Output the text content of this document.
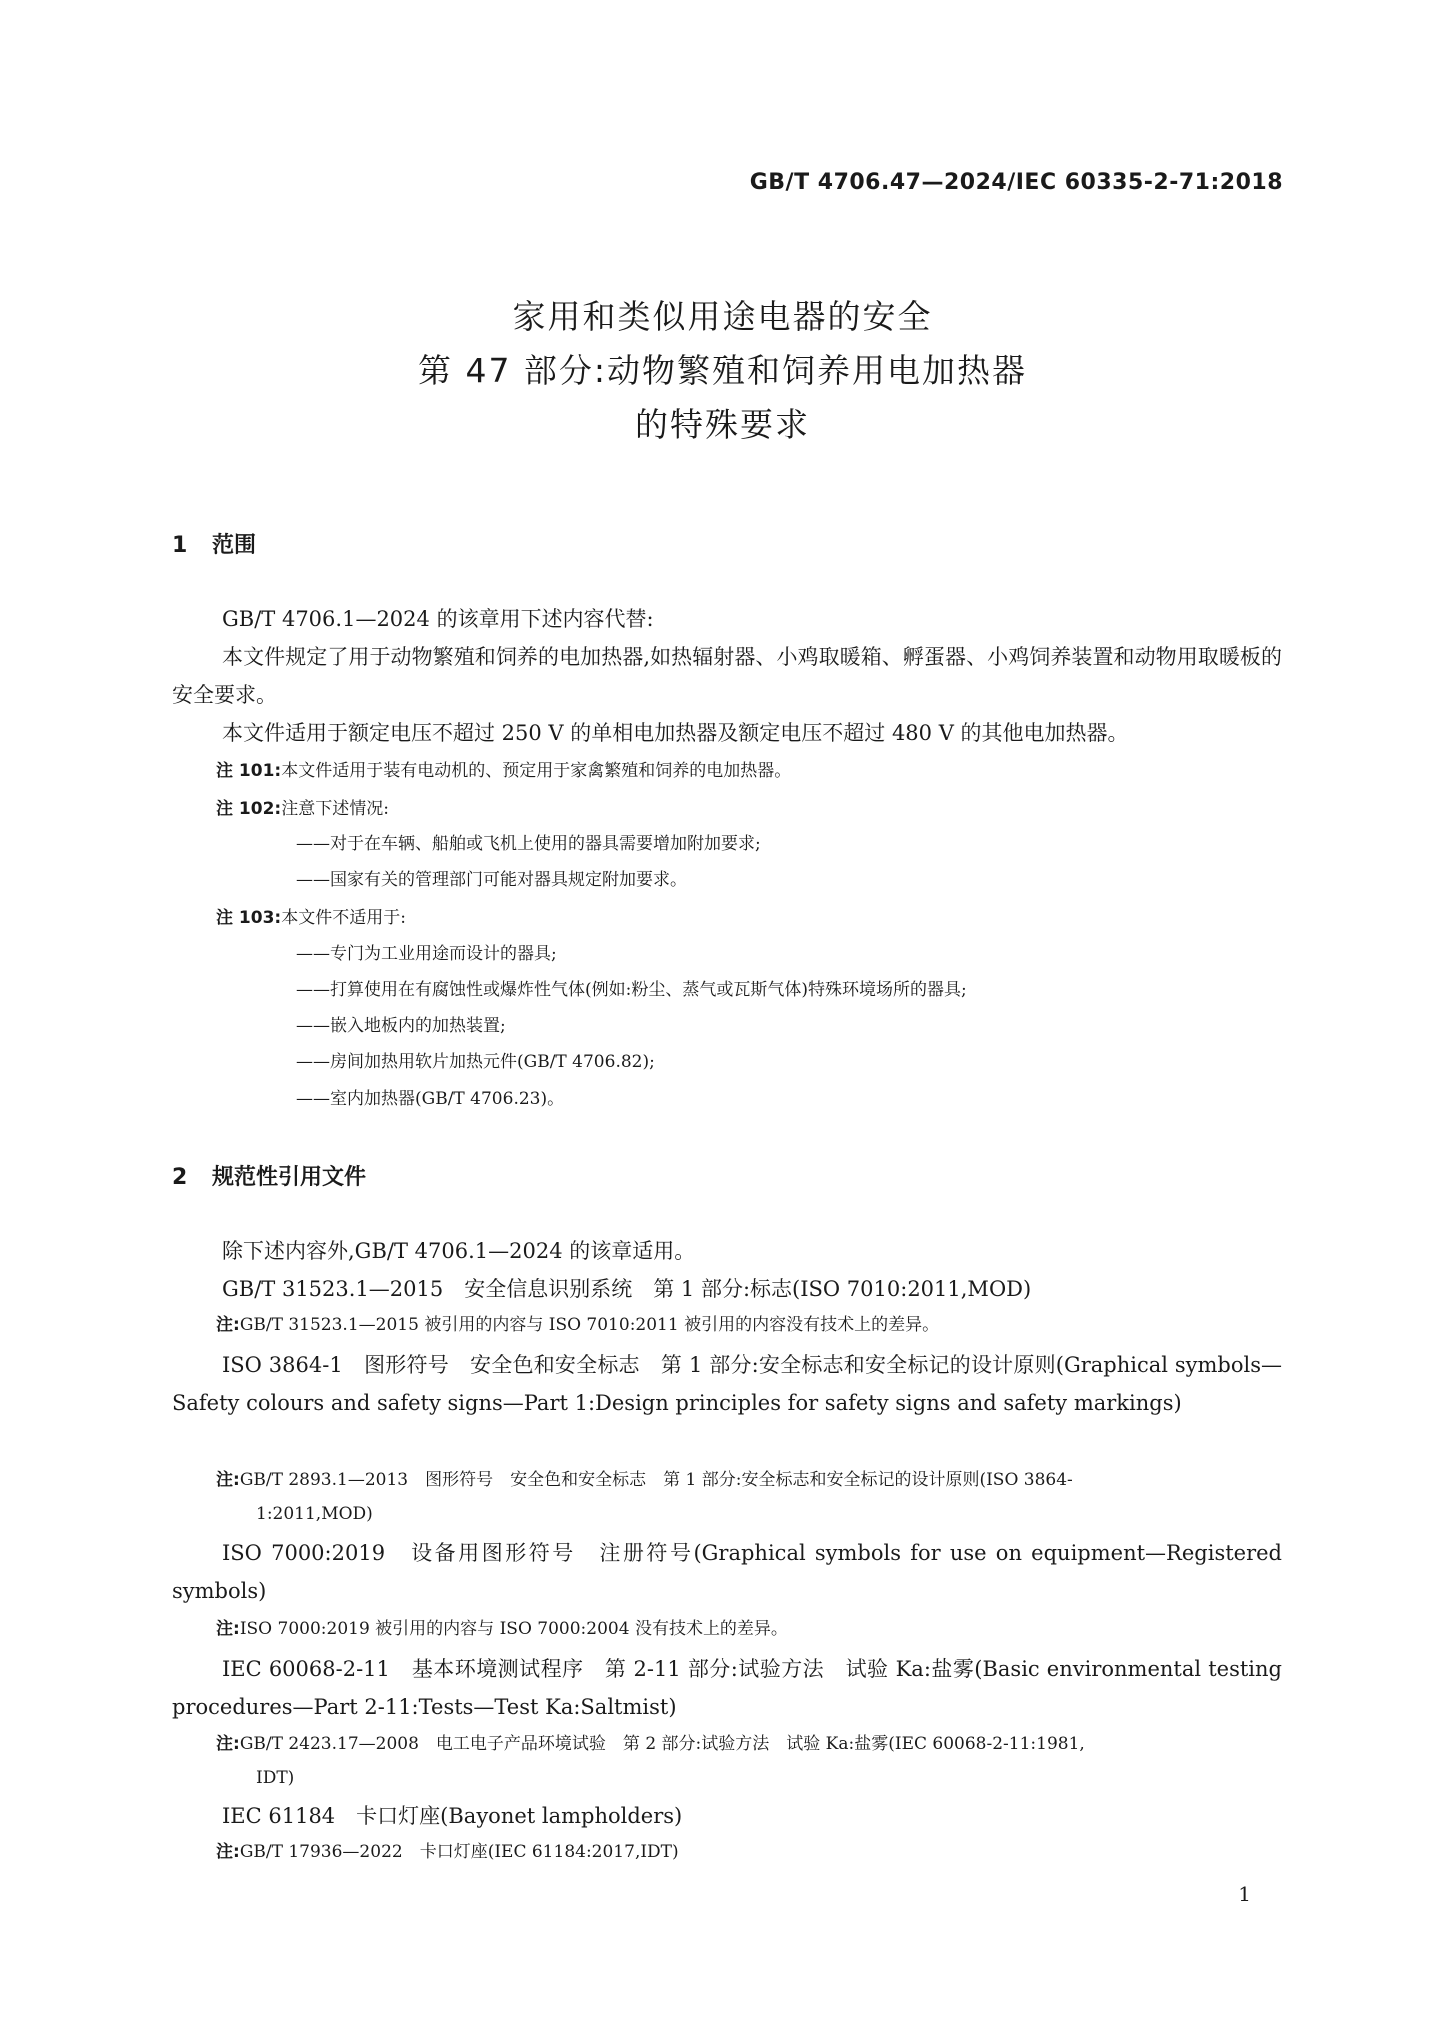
GB/T 4706.47—2024/IEC 60335-2-71:2018
家用和类似用途电器的安全
第 47 部分:动物繁殖和饲养用电加热器
的特殊要求
1 范围
GB/T 4706.1—2024 的该章用下述内容代替:
本文件规定了用于动物繁殖和饲养的电加热器,如热辐射器、小鸡取暖箱、孵蛋器、小鸡饲养装置和动物用取暖板的安全要求。
本文件适用于额定电压不超过 250 V 的单相电加热器及额定电压不超过 480 V 的其他电加热器。
注 101:本文件适用于装有电动机的、预定用于家禽繁殖和饲养的电加热器。
注 102:注意下述情况:
——对于在车辆、船舶或飞机上使用的器具需要增加附加要求;
——国家有关的管理部门可能对器具规定附加要求。
注 103:本文件不适用于:
——专门为工业用途而设计的器具;
——打算使用在有腐蚀性或爆炸性气体(例如:粉尘、蒸气或瓦斯气体)特殊环境场所的器具;
——嵌入地板内的加热装置;
——房间加热用软片加热元件(GB/T 4706.82);
——室内加热器(GB/T 4706.23)。
2 规范性引用文件
除下述内容外,GB/T 4706.1—2024 的该章适用。
GB/T 31523.1—2015　安全信息识别系统　第 1 部分:标志(ISO 7010:2011,MOD)
注:GB/T 31523.1—2015 被引用的内容与 ISO 7010:2011 被引用的内容没有技术上的差异。
ISO 3864-1　图形符号　安全色和安全标志　第 1 部分:安全标志和安全标记的设计原则(Graphical symbols—Safety colours and safety signs—Part 1:Design principles for safety signs and safety markings)
注:GB/T 2893.1—2013　图形符号　安全色和安全标志　第 1 部分:安全标志和安全标记的设计原则(ISO 3864-
1:2011,MOD)
ISO 7000:2019　设备用图形符号　注册符号(Graphical symbols for use on equipment—Registered symbols)
注:ISO 7000:2019 被引用的内容与 ISO 7000:2004 没有技术上的差异。
IEC 60068-2-11　基本环境测试程序　第 2-11 部分:试验方法　试验 Ka:盐雾(Basic environmental testing procedures—Part 2-11:Tests—Test Ka:Saltmist)
注:GB/T 2423.17—2008　电工电子产品环境试验　第 2 部分:试验方法　试验 Ka:盐雾(IEC 60068-2-11:1981,
IDT)
IEC 61184　卡口灯座(Bayonet lampholders)
注:GB/T 17936—2022　卡口灯座(IEC 61184:2017,IDT)
1
